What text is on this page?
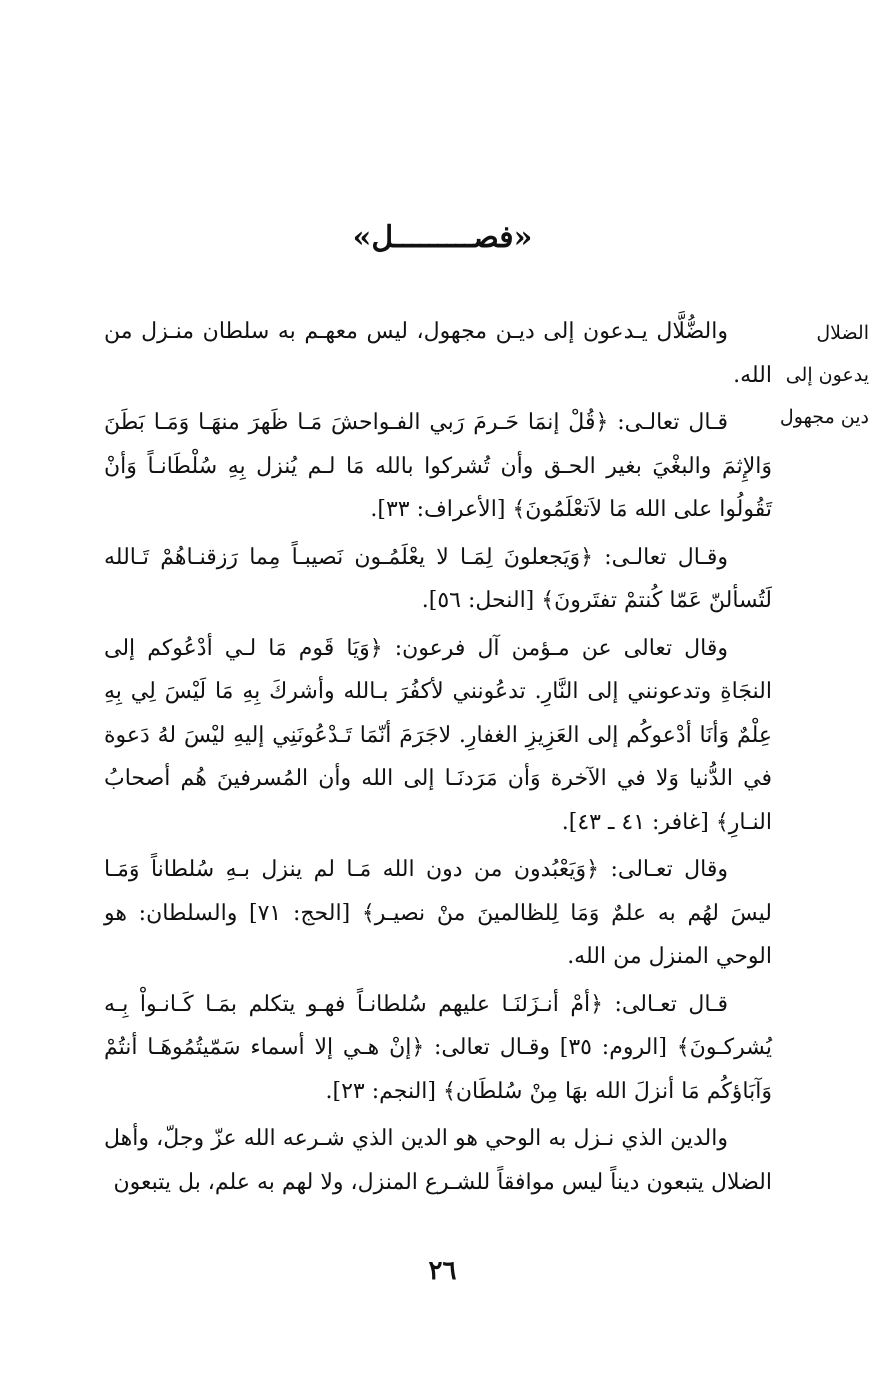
«فصـــــــــل»
الضلال
يدعون إلى
دين مجهول

والضُّلَّال يـدعون إلى ديـن مجهول، ليس معهـم به سلطان منـزل من الله.

قـال تعالـى: ﴿قُلْ إنمَا حَـرمَ رَبي الفـواحشَ مَـا ظَهرَ منهَـا وَمَـا بَطَنَ وَالإِثمَ والبغْيَ بغير الحـق وأن تُشركوا بالله مَا لـم يُنزل بِهِ سُلْطَانـاً وَأنْ تَقُولُوا على الله مَا لاَتعْلَمُونَ﴾ [الأعراف: ٣٣].

وقـال تعالـى: ﴿وَيَجعلونَ لِمَـا لا يعْلَمُـون نَصيبـاً مِما رَزقنـاهُمْ تَـالله لَتُسألنّ عَمّا كُنتمْ تفتَرونَ﴾ [النحل: ٥٦].

وقال تعالى عن مـؤمن آل فرعون: ﴿وَيَا قَوم مَا لـي أدْعُوكم إلى النجَاةِ وتدعونني إلى النَّارِ. تدعُونني لأكفُرَ بـالله وأشركَ بِهِ مَا لَيْسَ لِي بِهِ عِلْمٌ وَأنَا أدْعوكُم إلى العَزِيزِ الغفارِ. لاجَرَمَ أنّمَا تَـدْعُونَنِي إليهِ ليْسَ لهُ دَعوة في الدُّنيا وَلا في الآخرة وَأن مَرَدنَـا إلى الله وأن المُسرفينَ هُم أصحابُ النـارِ﴾ [غافر: ٤١ ـ ٤٣].

وقال تعـالى: ﴿وَيَعْبُدون من دون الله مَـا لم ينزل بـهِ سُلطاناً وَمَـا ليسَ لهُم به علمٌ وَمَا لِلظالمينَ منْ نصيـر﴾ [الحج: ٧١] والسلطان: هو الوحي المنزل من الله.

قـال تعـالى: ﴿أمْ أنـزَلنَـا عليهم سُلطانـاً فهـو يتكلم بمَـا كَـانـواْ بِـه يُشركـونَ﴾ [الروم: ٣٥] وقـال تعالى: ﴿إنْ هـي إلا أسماء سَمّيتُمُوهَـا أنتُمْ وَآبَاؤكُم مَا أنزلَ الله بهَا مِنْ سُلطَان﴾ [النجم: ٢٣].

والدين الذي نـزل به الوحي هو الدين الذي شـرعه الله عزّ وجلّ، وأهل الضلال يتبعون ديناً ليس موافقاً للشـرع المنزل، ولا لهم به علم، بل يتبعون

٢٦
